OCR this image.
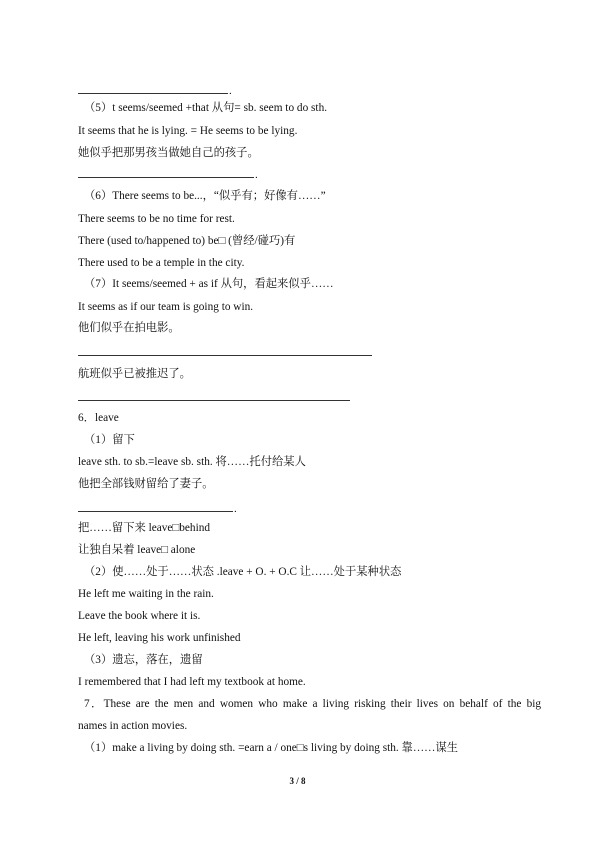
.
（5）t seems/seemed +that 从句= sb. seem to do sth.
It seems that he is lying. = He seems to be lying.
她似乎把那男孩当做她自己的孩子。
.
（6）There seems to be...，“似乎有；好像有……”
There seems to be no time for rest.
There (used to/happened to) be□ (曾经/碰巧)有
There used to be a temple in the city.
（7）It seems/seemed + as if 从句，看起来似乎……
It seems as if our team is going to win.
他们似乎在拍电影。
航班似乎已被推迟了。
6．leave
（1）留下
leave sth. to sb.=leave sb. sth. 将……托付给某人
他把全部钱财留给了妻子。
.
把……留下来 leave□behind
让独自呆着 leave□ alone
（2）使……处于……状态 .leave + O. + O.C 让……处于某种状态
He left me waiting in the rain.
Leave the book where it is.
He left, leaving his work unfinished
（3）遗忘，落在，遗留
I remembered that I had left my textbook at home.
7．These are the men and women who make a living risking their lives on behalf of the big
names in action movies.
（1）make a living by doing sth. =earn a / one□s living by doing sth. 靠……谋生
3 / 8
